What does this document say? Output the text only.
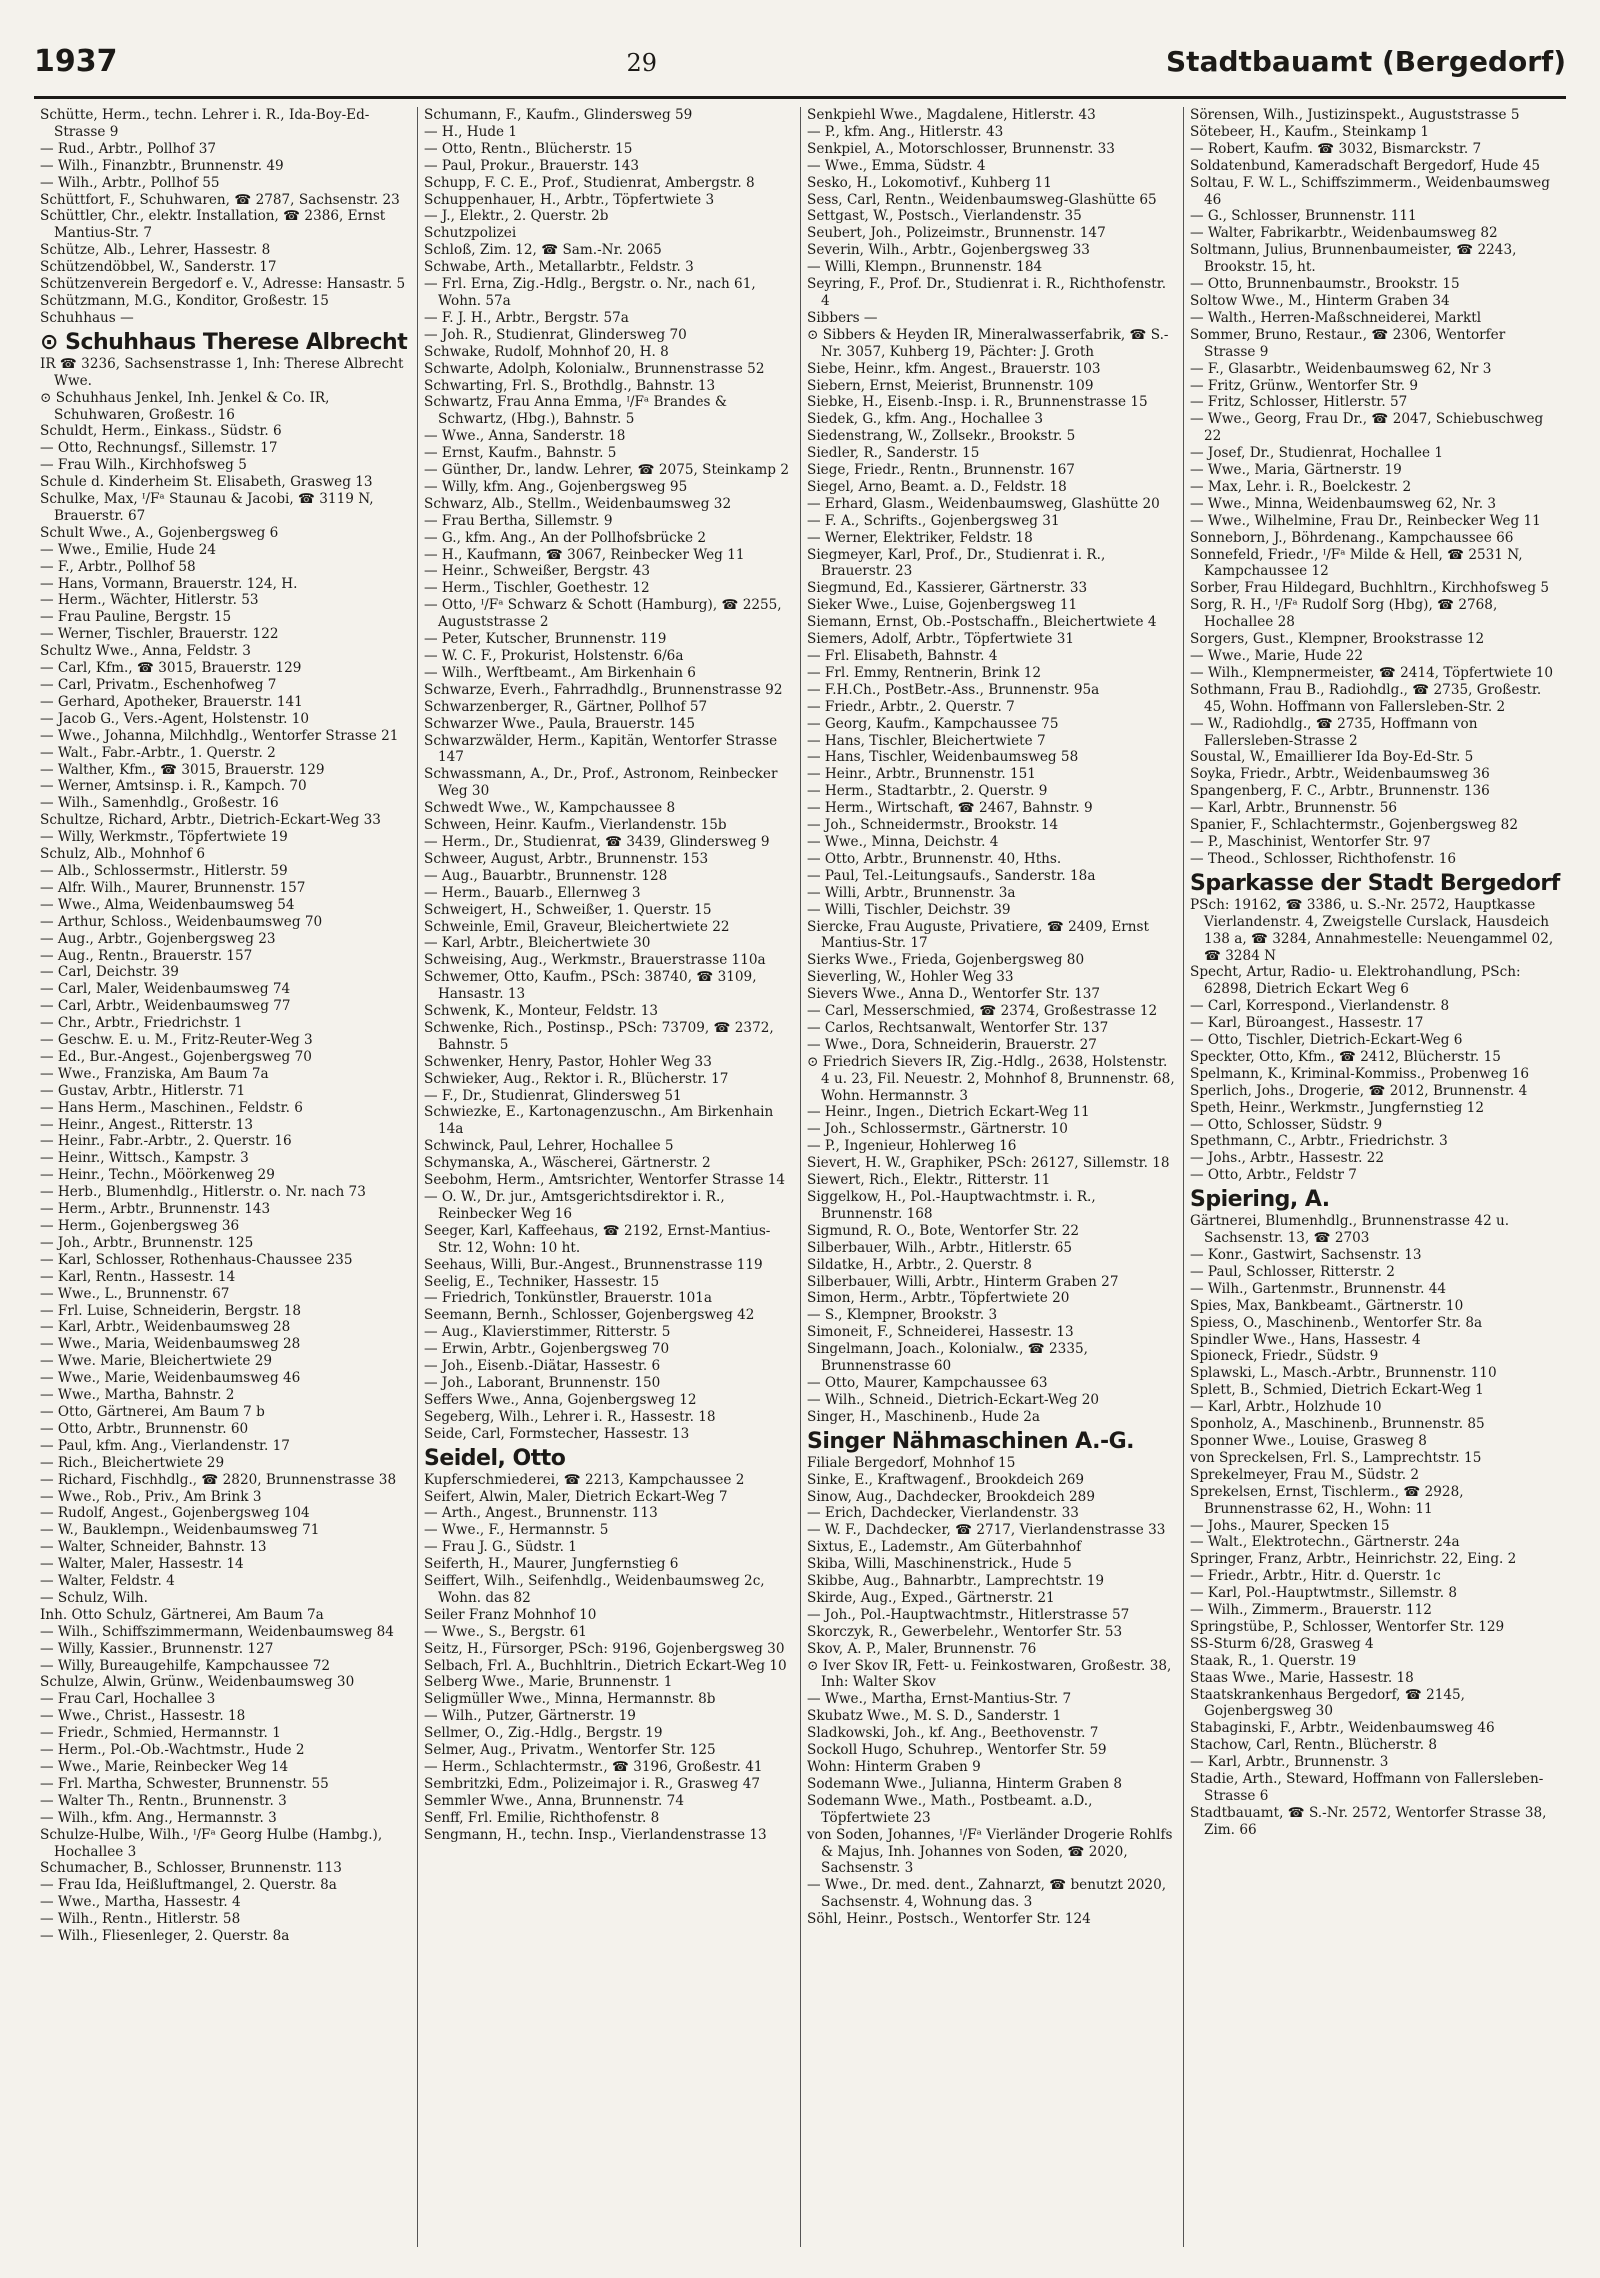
1937	29	Stadtbauamt (Bergedorf)

Schütte, Herm., techn. Lehrer i. R., Ida-Boy-Ed-Strasse 9

— Rud., Arbtr., Pollhof 37

— Wilh., Finanzbtr., Brunnenstr. 49

— Wilh., Arbtr., Pollhof 55

Schüttfort, F., Schuhwaren, ☎ 2787, Sachsenstr. 23

Schüttler, Chr., elektr. Installation, ☎ 2386, Ernst Mantius-Str. 7

Schütze, Alb., Lehrer, Hassestr. 8

Schützendöbbel, W., Sanderstr. 17

Schützenverein Bergedorf e. V., Adresse: Hansastr. 5

Schützmann, M.G., Konditor, Großestr. 15

Schuhhaus —

⊙ Schuhhaus Therese Albrecht

IR ☎ 3236, Sachsenstrasse 1, Inh: Therese Albrecht Wwe.

⊙ Schuhhaus Jenkel, Inh. Jenkel & Co. IR, Schuhwaren, Großestr. 16

Schuldt, Herm., Einkass., Südstr. 6

— Otto, Rechnungsf., Sillemstr. 17

— Frau Wilh., Kirchhofsweg 5

Schule d. Kinderheim St. Elisabeth, Grasweg 13

Schulke, Max, ᴵ/Fᵃ Staunau & Jacobi, ☎ 3119 N, Brauerstr. 67

Schult Wwe., A., Gojenbergsweg 6

— Wwe., Emilie, Hude 24

— F., Arbtr., Pollhof 58

— Hans, Vormann, Brauerstr. 124, H.

— Herm., Wächter, Hitlerstr. 53

— Frau Pauline, Bergstr. 15

— Werner, Tischler, Brauerstr. 122

Schultz Wwe., Anna, Feldstr. 3

— Carl, Kfm., ☎ 3015, Brauerstr. 129

— Carl, Privatm., Eschenhofweg 7

— Gerhard, Apotheker, Brauerstr. 141

— Jacob G., Vers.-Agent, Holstenstr. 10

— Wwe., Johanna, Milchhdlg., Wentorfer Strasse 21

— Walt., Fabr.-Arbtr., 1. Querstr. 2

— Walther, Kfm., ☎ 3015, Brauerstr. 129

— Werner, Amtsinsp. i. R., Kampch. 70

— Wilh., Samenhdlg., Großestr. 16

Schultze, Richard, Arbtr., Dietrich-Eckart-Weg 33

— Willy, Werkmstr., Töpfertwiete 19

Schulz, Alb., Mohnhof 6

— Alb., Schlossermstr., Hitlerstr. 59

— Alfr. Wilh., Maurer, Brunnenstr. 157

— Wwe., Alma, Weidenbaumsweg 54

— Arthur, Schloss., Weidenbaumsweg 70

— Aug., Arbtr., Gojenbergsweg 23

— Aug., Rentn., Brauerstr. 157

— Carl, Deichstr. 39

— Carl, Maler, Weidenbaumsweg 74

— Carl, Arbtr., Weidenbaumsweg 77

— Chr., Arbtr., Friedrichstr. 1

— Geschw. E. u. M., Fritz-Reuter-Weg 3

— Ed., Bur.-Angest., Gojenbergsweg 70

— Wwe., Franziska, Am Baum 7a

— Gustav, Arbtr., Hitlerstr. 71

— Hans Herm., Maschinen., Feldstr. 6

— Heinr., Angest., Ritterstr. 13

— Heinr., Fabr.-Arbtr., 2. Querstr. 16

— Heinr., Wittsch., Kampstr. 3

— Heinr., Techn., Möörkenweg 29

— Herb., Blumenhdlg., Hitlerstr. o. Nr. nach 73

— Herm., Arbtr., Brunnenstr. 143

— Herm., Gojenbergsweg 36

— Joh., Arbtr., Brunnenstr. 125

— Karl, Schlosser, Rothenhaus-Chaussee 235

— Karl, Rentn., Hassestr. 14

— Wwe., L., Brunnenstr. 67

— Frl. Luise, Schneiderin, Bergstr. 18

— Karl, Arbtr., Weidenbaumsweg 28

— Wwe., Maria, Weidenbaumsweg 28

— Wwe. Marie, Bleichertwiete 29

— Wwe., Marie, Weidenbaumsweg 46

— Wwe., Martha, Bahnstr. 2

— Otto, Gärtnerei, Am Baum 7 b

— Otto, Arbtr., Brunnenstr. 60

— Paul, kfm. Ang., Vierlandenstr. 17

— Rich., Bleichertwiete 29

— Richard, Fischhdlg., ☎ 2820, Brunnenstrasse 38

— Wwe., Rob., Priv., Am Brink 3

— Rudolf, Angest., Gojenbergsweg 104

— W., Bauklempn., Weidenbaumsweg 71

— Walter, Schneider, Bahnstr. 13

— Walter, Maler, Hassestr. 14

— Walter, Feldstr. 4

— Schulz, Wilh.

Inh. Otto Schulz, Gärtnerei, Am Baum 7a

— Wilh., Schiffszimmermann, Weidenbaumsweg 84

— Willy, Kassier., Brunnenstr. 127

— Willy, Bureaugehilfe, Kampchaussee 72

Schulze, Alwin, Grünw., Weidenbaumsweg 30

— Frau Carl, Hochallee 3

— Wwe., Christ., Hassestr. 18

— Friedr., Schmied, Hermannstr. 1

— Herm., Pol.-Ob.-Wachtmstr., Hude 2

— Wwe., Marie, Reinbecker Weg 14

— Frl. Martha, Schwester, Brunnenstr. 55

— Walter Th., Rentn., Brunnenstr. 3

— Wilh., kfm. Ang., Hermannstr. 3

Schulze-Hulbe, Wilh., ᴵ/Fᵃ Georg Hulbe (Hambg.), Hochallee 3

Schumacher, B., Schlosser, Brunnenstr. 113

— Frau Ida, Heißluftmangel, 2. Querstr. 8a

— Wwe., Martha, Hassestr. 4

— Wilh., Rentn., Hitlerstr. 58

— Wilh., Fliesenleger, 2. Querstr. 8a

Schumann, F., Kaufm., Glindersweg 59

— H., Hude 1

— Otto, Rentn., Blücherstr. 15

— Paul, Prokur., Brauerstr. 143

Schupp, F. C. E., Prof., Studienrat, Ambergstr. 8

Schuppenhauer, H., Arbtr., Töpfertwiete 3

— J., Elektr., 2. Querstr. 2b

Schutzpolizei

Schloß, Zim. 12, ☎ Sam.-Nr. 2065

Schwabe, Arth., Metallarbtr., Feldstr. 3

— Frl. Erna, Zig.-Hdlg., Bergstr. o. Nr., nach 61, Wohn. 57a

— F. J. H., Arbtr., Bergstr. 57a

— Joh. R., Studienrat, Glindersweg 70

Schwake, Rudolf, Mohnhof 20, H. 8

Schwarte, Adolph, Kolonialw., Brunnenstrasse 52

Schwarting, Frl. S., Brothdlg., Bahnstr. 13

Schwartz, Frau Anna Emma, ᴵ/Fᵃ Brandes & Schwartz, (Hbg.), Bahnstr. 5

— Wwe., Anna, Sanderstr. 18

— Ernst, Kaufm., Bahnstr. 5

— Günther, Dr., landw. Lehrer, ☎ 2075, Steinkamp 2

— Willy, kfm. Ang., Gojenbergsweg 95

Schwarz, Alb., Stellm., Weidenbaumsweg 32

— Frau Bertha, Sillemstr. 9

— G., kfm. Ang., An der Pollhofsbrücke 2

— H., Kaufmann, ☎ 3067, Reinbecker Weg 11

— Heinr., Schweißer, Bergstr. 43

— Herm., Tischler, Goethestr. 12

— Otto, ᴵ/Fᵃ Schwarz & Schott (Hamburg), ☎ 2255, Auguststrasse 2

— Peter, Kutscher, Brunnenstr. 119

— W. C. F., Prokurist, Holstenstr. 6/6a

— Wilh., Werftbeamt., Am Birkenhain 6

Schwarze, Everh., Fahrradhdlg., Brunnenstrasse 92

Schwarzenberger, R., Gärtner, Pollhof 57

Schwarzer Wwe., Paula, Brauerstr. 145

Schwarzwälder, Herm., Kapitän, Wentorfer Strasse 147

Schwassmann, A., Dr., Prof., Astronom, Reinbecker Weg 30

Schwedt Wwe., W., Kampchaussee 8

Schween, Heinr. Kaufm., Vierlandenstr. 15b

— Herm., Dr., Studienrat, ☎ 3439, Glindersweg 9

Schweer, August, Arbtr., Brunnenstr. 153

— Aug., Bauarbtr., Brunnenstr. 128

— Herm., Bauarb., Ellernweg 3

Schweigert, H., Schweißer, 1. Querstr. 15

Schweinle, Emil, Graveur, Bleichertwiete 22

— Karl, Arbtr., Bleichertwiete 30

Schweising, Aug., Werkmstr., Brauerstrasse 110a

Schwemer, Otto, Kaufm., PSch: 38740, ☎ 3109, Hansastr. 13

Schwenk, K., Monteur, Feldstr. 13

Schwenke, Rich., Postinsp., PSch: 73709, ☎ 2372, Bahnstr. 5

Schwenker, Henry, Pastor, Hohler Weg 33

Schwieker, Aug., Rektor i. R., Blücherstr. 17

— F., Dr., Studienrat, Glindersweg 51

Schwiezke, E., Kartonagenzuschn., Am Birkenhain 14a

Schwinck, Paul, Lehrer, Hochallee 5

Schymanska, A., Wäscherei, Gärtnerstr. 2

Seebohm, Herm., Amtsrichter, Wentorfer Strasse 14

— O. W., Dr. jur., Amtsgerichtsdirektor i. R., Reinbecker Weg 16

Seeger, Karl, Kaffeehaus, ☎ 2192, Ernst-Mantius-Str. 12, Wohn: 10 ht.

Seehaus, Willi, Bur.-Angest., Brunnenstrasse 119

Seelig, E., Techniker, Hassestr. 15

— Friedrich, Tonkünstler, Brauerstr. 101a

Seemann, Bernh., Schlosser, Gojenbergsweg 42

— Aug., Klavierstimmer, Ritterstr. 5

— Erwin, Arbtr., Gojenbergsweg 70

— Joh., Eisenb.-Diätar, Hassestr. 6

— Joh., Laborant, Brunnenstr. 150

Seffers Wwe., Anna, Gojenbergsweg 12

Segeberg, Wilh., Lehrer i. R., Hassestr. 18

Seide, Carl, Formstecher, Hassestr. 13

Seidel, Otto

Kupferschmiederei, ☎ 2213, Kampchaussee 2

Seifert, Alwin, Maler, Dietrich Eckart-Weg 7

— Arth., Angest., Brunnenstr. 113

— Wwe., F., Hermannstr. 5

— Frau J. G., Südstr. 1

Seiferth, H., Maurer, Jungfernstieg 6

Seiffert, Wilh., Seifenhdlg., Weidenbaumsweg 2c, Wohn. das 82

Seiler Franz Mohnhof 10

— Wwe., S., Bergstr. 61

Seitz, H., Fürsorger, PSch: 9196, Gojenbergsweg 30

Selbach, Frl. A., Buchhltrin., Dietrich Eckart-Weg 10

Selberg Wwe., Marie, Brunnenstr. 1

Seligmüller Wwe., Minna, Hermannstr. 8b

— Wilh., Putzer, Gärtnerstr. 19

Sellmer, O., Zig.-Hdlg., Bergstr. 19

Selmer, Aug., Privatm., Wentorfer Str. 125

— Herm., Schlachtermstr., ☎ 3196, Großestr. 41

Sembritzki, Edm., Polizeimajor i. R., Grasweg 47

Semmler Wwe., Anna, Brunnenstr. 74

Senff, Frl. Emilie, Richthofenstr. 8

Sengmann, H., techn. Insp., Vierlandenstrasse 13

Senkpiehl Wwe., Magdalene, Hitlerstr. 43

— P., kfm. Ang., Hitlerstr. 43

Senkpiel, A., Motorschlosser, Brunnenstr. 33

— Wwe., Emma, Südstr. 4

Sesko, H., Lokomotivf., Kuhberg 11

Sess, Carl, Rentn., Weidenbaumsweg-Glashütte 65

Settgast, W., Postsch., Vierlandenstr. 35

Seubert, Joh., Polizeimstr., Brunnenstr. 147

Severin, Wilh., Arbtr., Gojenbergsweg 33

— Willi, Klempn., Brunnenstr. 184

Seyring, F., Prof. Dr., Studienrat i. R., Richthofenstr. 4

Sibbers —

⊙ Sibbers & Heyden IR, Mineralwasserfabrik, ☎ S.-Nr. 3057, Kuhberg 19, Pächter: J. Groth

Siebe, Heinr., kfm. Angest., Brauerstr. 103

Siebern, Ernst, Meierist, Brunnenstr. 109

Siebke, H., Eisenb.-Insp. i. R., Brunnenstrasse 15

Siedek, G., kfm. Ang., Hochallee 3

Siedenstrang, W., Zollsekr., Brookstr. 5

Siedler, R., Sanderstr. 15

Siege, Friedr., Rentn., Brunnenstr. 167

Siegel, Arno, Beamt. a. D., Feldstr. 18

— Erhard, Glasm., Weidenbaumsweg, Glashütte 20

— F. A., Schrifts., Gojenbergsweg 31

— Werner, Elektriker, Feldstr. 18

Siegmeyer, Karl, Prof., Dr., Studienrat i. R., Brauerstr. 23

Siegmund, Ed., Kassierer, Gärtnerstr. 33

Sieker Wwe., Luise, Gojenbergsweg 11

Siemann, Ernst, Ob.-Postschaffn., Bleichertwiete 4

Siemers, Adolf, Arbtr., Töpfertwiete 31

— Frl. Elisabeth, Bahnstr. 4

— Frl. Emmy, Rentnerin, Brink 12

— F.H.Ch., PostBetr.-Ass., Brunnenstr. 95a

— Friedr., Arbtr., 2. Querstr. 7

— Georg, Kaufm., Kampchaussee 75

— Hans, Tischler, Bleichertwiete 7

— Hans, Tischler, Weidenbaumsweg 58

— Heinr., Arbtr., Brunnenstr. 151

— Herm., Stadtarbtr., 2. Querstr. 9

— Herm., Wirtschaft, ☎ 2467, Bahnstr. 9

— Joh., Schneidermstr., Brookstr. 14

— Wwe., Minna, Deichstr. 4

— Otto, Arbtr., Brunnenstr. 40, Hths.

— Paul, Tel.-Leitungsaufs., Sanderstr. 18a

— Willi, Arbtr., Brunnenstr. 3a

— Willi, Tischler, Deichstr. 39

Siercke, Frau Auguste, Privatiere, ☎ 2409, Ernst Mantius-Str. 17

Sierks Wwe., Frieda, Gojenbergsweg 80

Sieverling, W., Hohler Weg 33

Sievers Wwe., Anna D., Wentorfer Str. 137

— Carl, Messerschmied, ☎ 2374, Großestrasse 12

— Carlos, Rechtsanwalt, Wentorfer Str. 137

— Wwe., Dora, Schneiderin, Brauerstr. 27

⊙ Friedrich Sievers IR, Zig.-Hdlg., 2638, Holstenstr. 4 u. 23, Fil. Neuestr. 2, Mohnhof 8, Brunnenstr. 68, Wohn. Hermannstr. 3

— Heinr., Ingen., Dietrich Eckart-Weg 11

— Joh., Schlossermstr., Gärtnerstr. 10

— P., Ingenieur, Hohlerweg 16

Sievert, H. W., Graphiker, PSch: 26127, Sillemstr. 18

Siewert, Rich., Elektr., Ritterstr. 11

Siggelkow, H., Pol.-Hauptwachtmstr. i. R., Brunnenstr. 168

Sigmund, R. O., Bote, Wentorfer Str. 22

Silberbauer, Wilh., Arbtr., Hitlerstr. 65

Sildatke, H., Arbtr., 2. Querstr. 8

Silberbauer, Willi, Arbtr., Hinterm Graben 27

Simon, Herm., Arbtr., Töpfertwiete 20

— S., Klempner, Brookstr. 3

Simoneit, F., Schneiderei, Hassestr. 13

Singelmann, Joach., Kolonialw., ☎ 2335, Brunnenstrasse 60

— Otto, Maurer, Kampchaussee 63

— Wilh., Schneid., Dietrich-Eckart-Weg 20

Singer, H., Maschinenb., Hude 2a

Singer Nähmaschinen A.-G.

Filiale Bergedorf, Mohnhof 15

Sinke, E., Kraftwagenf., Brookdeich 269

Sinow, Aug., Dachdecker, Brookdeich 289

— Erich, Dachdecker, Vierlandenstr. 33

— W. F., Dachdecker, ☎ 2717, Vierlandenstrasse 33

Sixtus, E., Lademstr., Am Güterbahnhof

Skiba, Willi, Maschinenstrick., Hude 5

Skibbe, Aug., Bahnarbtr., Lamprechtstr. 19

Skirde, Aug., Exped., Gärtnerstr. 21

— Joh., Pol.-Hauptwachtmstr., Hitlerstrasse 57

Skorczyk, R., Gewerbelehr., Wentorfer Str. 53

Skov, A. P., Maler, Brunnenstr. 76

⊙ Iver Skov IR, Fett- u. Feinkostwaren, Großestr. 38, Inh: Walter Skov

— Wwe., Martha, Ernst-Mantius-Str. 7

Skubatz Wwe., M. S. D., Sanderstr. 1

Sladkowski, Joh., kf. Ang., Beethovenstr. 7

Sockoll Hugo, Schuhrep., Wentorfer Str. 59

Wohn: Hinterm Graben 9

Sodemann Wwe., Julianna, Hinterm Graben 8

Sodemann Wwe., Math., Postbeamt. a.D., Töpfertwiete 23

von Soden, Johannes, ᴵ/Fᵃ Vierländer Drogerie Rohlfs & Majus, Inh. Johannes von Soden, ☎ 2020, Sachsenstr. 3

— Wwe., Dr. med. dent., Zahnarzt, ☎ benutzt 2020, Sachsenstr. 4, Wohnung das. 3

Söhl, Heinr., Postsch., Wentorfer Str. 124

Sörensen, Wilh., Justizinspekt., Auguststrasse 5

Sötebeer, H., Kaufm., Steinkamp 1

— Robert, Kaufm. ☎ 3032, Bismarckstr. 7

Soldatenbund, Kameradschaft Bergedorf, Hude 45

Soltau, F. W. L., Schiffszimmerm., Weidenbaumsweg 46

— G., Schlosser, Brunnenstr. 111

— Walter, Fabrikarbtr., Weidenbaumsweg 82

Soltmann, Julius, Brunnenbaumeister, ☎ 2243, Brookstr. 15, ht.

— Otto, Brunnenbaumstr., Brookstr. 15

Soltow Wwe., M., Hinterm Graben 34

— Walth., Herren-Maßschneiderei, Marktl

Sommer, Bruno, Restaur., ☎ 2306, Wentorfer Strasse 9

— F., Glasarbtr., Weidenbaumsweg 62, Nr 3

— Fritz, Grünw., Wentorfer Str. 9

— Fritz, Schlosser, Hitlerstr. 57

— Wwe., Georg, Frau Dr., ☎ 2047, Schiebuschweg 22

— Josef, Dr., Studienrat, Hochallee 1

— Wwe., Maria, Gärtnerstr. 19

— Max, Lehr. i. R., Boelckestr. 2

— Wwe., Minna, Weidenbaumsweg 62, Nr. 3

— Wwe., Wilhelmine, Frau Dr., Reinbecker Weg 11

Sonneborn, J., Böhrdenang., Kampchaussee 66

Sonnefeld, Friedr., ᴵ/Fᵃ Milde & Hell, ☎ 2531 N, Kampchaussee 12

Sorber, Frau Hildegard, Buchhltrn., Kirchhofsweg 5

Sorg, R. H., ᴵ/Fᵃ Rudolf Sorg (Hbg), ☎ 2768, Hochallee 28

Sorgers, Gust., Klempner, Brookstrasse 12

— Wwe., Marie, Hude 22

— Wilh., Klempnermeister, ☎ 2414, Töpfertwiete 10

Sothmann, Frau B., Radiohdlg., ☎ 2735, Großestr. 45, Wohn. Hoffmann von Fallersleben-Str. 2

— W., Radiohdlg., ☎ 2735, Hoffmann von Fallersleben-Strasse 2

Soustal, W., Emaillierer Ida Boy-Ed-Str. 5

Soyka, Friedr., Arbtr., Weidenbaumsweg 36

Spangenberg, F. C., Arbtr., Brunnenstr. 136

— Karl, Arbtr., Brunnenstr. 56

Spanier, F., Schlachtermstr., Gojenbergsweg 82

— P., Maschinist, Wentorfer Str. 97

— Theod., Schlosser, Richthofenstr. 16

Sparkasse der Stadt Bergedorf

PSch: 19162, ☎ 3386, u. S.-Nr. 2572, Hauptkasse Vierlandenstr. 4, Zweigstelle Curslack, Hausdeich 138 a, ☎ 3284, Annahmestelle: Neuengammel 02, ☎ 3284 N

Specht, Artur, Radio- u. Elektrohandlung, PSch: 62898, Dietrich Eckart Weg 6

— Carl, Korrespond., Vierlandenstr. 8

— Karl, Büroangest., Hassestr. 17

— Otto, Tischler, Dietrich-Eckart-Weg 6

Speckter, Otto, Kfm., ☎ 2412, Blücherstr. 15

Spelmann, K., Kriminal-Kommiss., Probenweg 16

Sperlich, Johs., Drogerie, ☎ 2012, Brunnenstr. 4

Speth, Heinr., Werkmstr., Jungfernstieg 12

— Otto, Schlosser, Südstr. 9

Spethmann, C., Arbtr., Friedrichstr. 3

— Johs., Arbtr., Hassestr. 22

— Otto, Arbtr., Feldstr 7

Spiering, A.

Gärtnerei, Blumenhdlg., Brunnenstrasse 42 u. Sachsenstr. 13, ☎ 2703

— Konr., Gastwirt, Sachsenstr. 13

— Paul, Schlosser, Ritterstr. 2

— Wilh., Gartenmstr., Brunnenstr. 44

Spies, Max, Bankbeamt., Gärtnerstr. 10

Spiess, O., Maschinenb., Wentorfer Str. 8a

Spindler Wwe., Hans, Hassestr. 4

Spioneck, Friedr., Südstr. 9

Splawski, L., Masch.-Arbtr., Brunnenstr. 110

Splett, B., Schmied, Dietrich Eckart-Weg 1

— Karl, Arbtr., Holzhude 10

Sponholz, A., Maschinenb., Brunnenstr. 85

Sponner Wwe., Louise, Grasweg 8

von Spreckelsen, Frl. S., Lamprechtstr. 15

Sprekelmeyer, Frau M., Südstr. 2

Sprekelsen, Ernst, Tischlerm., ☎ 2928, Brunnenstrasse 62, H., Wohn: 11

— Johs., Maurer, Specken 15

— Walt., Elektrotechn., Gärtnerstr. 24a

Springer, Franz, Arbtr., Heinrichstr. 22, Eing. 2

— Friedr., Arbtr., Hitr. d. Querstr. 1c

— Karl, Pol.-Hauptwtmstr., Sillemstr. 8

— Wilh., Zimmerm., Brauerstr. 112

Springstübe, P., Schlosser, Wentorfer Str. 129

SS-Sturm 6/28, Grasweg 4

Staak, R., 1. Querstr. 19

Staas Wwe., Marie, Hassestr. 18

Staatskrankenhaus Bergedorf, ☎ 2145, Gojenbergsweg 30

Stabaginski, F., Arbtr., Weidenbaumsweg 46

Stachow, Carl, Rentn., Blücherstr. 8

— Karl, Arbtr., Brunnenstr. 3

Stadie, Arth., Steward, Hoffmann von Fallersleben-Strasse 6

Stadtbauamt, ☎ S.-Nr. 2572, Wentorfer Strasse 38, Zim. 66
